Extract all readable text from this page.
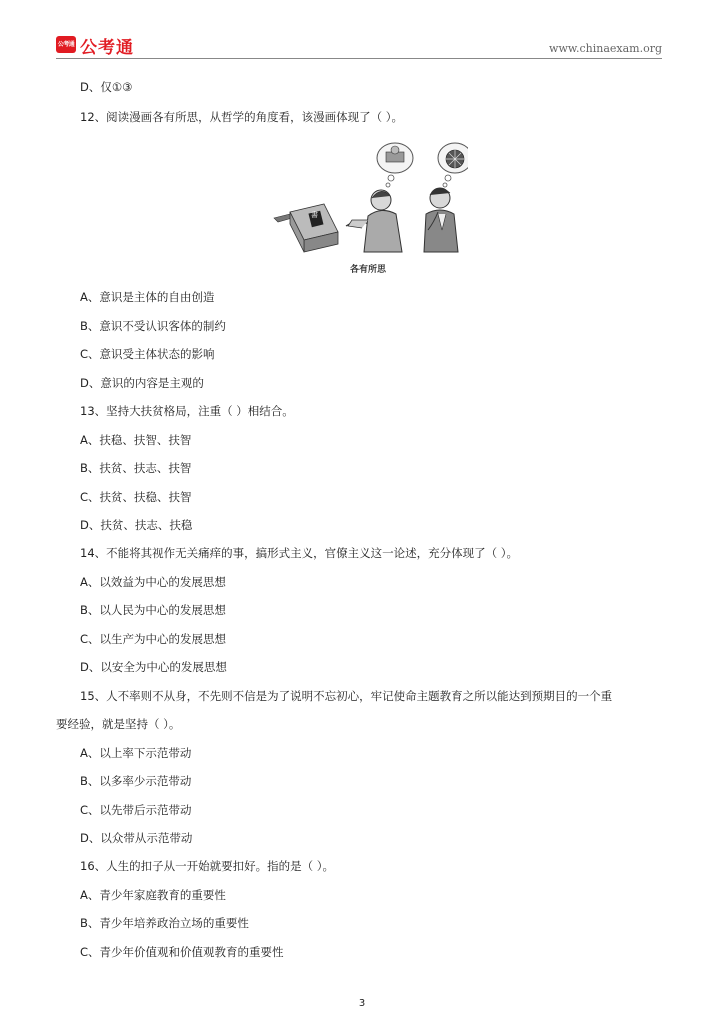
公考通 公考通	www.chinaexam.org
D、仅①③
12、阅读漫画各有所思，从哲学的角度看，该漫画体现了（ ）。
各有所思
書
A、意识是主体的自由创造
B、意识不受认识客体的制约
C、意识受主体状态的影响
D、意识的内容是主观的
13、坚持大扶贫格局，注重（ ）相结合。
A、扶稳、扶智、扶智
B、扶贫、扶志、扶智
C、扶贫、扶稳、扶智
D、扶贫、扶志、扶稳
14、不能将其视作无关痛痒的事，搞形式主义，官僚主义这一论述，充分体现了（ ）。
A、以效益为中心的发展思想
B、以人民为中心的发展思想
C、以生产为中心的发展思想
D、以安全为中心的发展思想
15、人不率则不从身，不先则不信是为了说明不忘初心，牢记使命主题教育之所以能达到预期目的一个重
要经验，就是坚持（ ）。
A、以上率下示范带动
B、以多率少示范带动
C、以先带后示范带动
D、以众带从示范带动
16、人生的扣子从一开始就要扣好。指的是（ ）。
A、青少年家庭教育的重要性
B、青少年培养政治立场的重要性
C、青少年价值观和价值观教育的重要性
3
